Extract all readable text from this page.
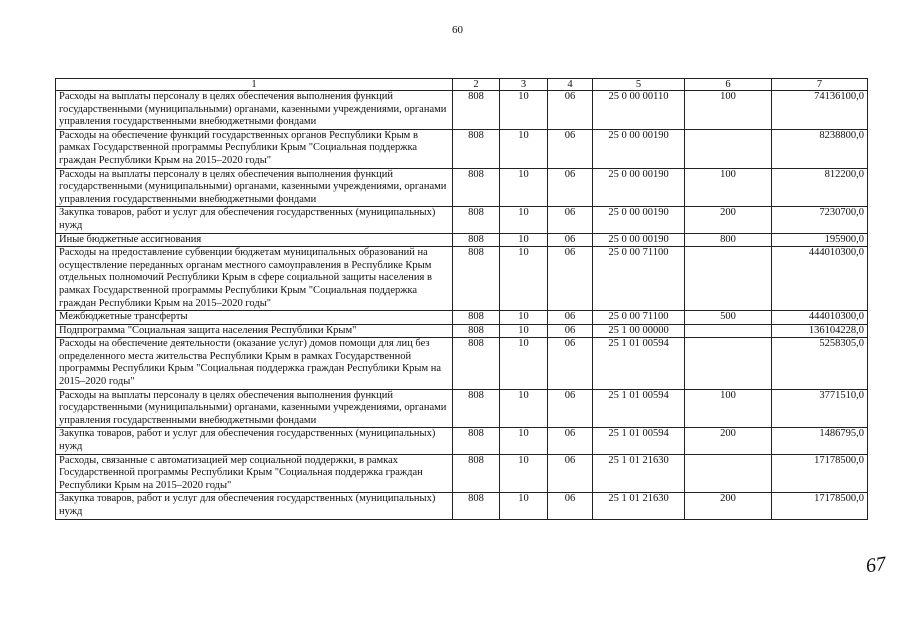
60
1	2	3	4	5	6	7
Расходы на выплаты персоналу в целях обеспечения выполнения функций государственными (муниципальными) органами, казенными учреждениями, органами управления государственными внебюджетными фондами	808	10	06	25 0 00 00110	100	74136100,0
Расходы на обеспечение функций государственных органов Республики Крым в рамках Государственной программы Республики Крым "Социальная поддержка граждан Республики Крым на 2015–2020 годы"	808	10	06	25 0 00 00190		8238800,0
Расходы на выплаты персоналу в целях обеспечения выполнения функций государственными (муниципальными) органами, казенными учреждениями, органами управления государственными внебюджетными фондами	808	10	06	25 0 00 00190	100	812200,0
Закупка товаров, работ и услуг для обеспечения государственных (муниципальных) нужд	808	10	06	25 0 00 00190	200	7230700,0
Иные бюджетные ассигнования	808	10	06	25 0 00 00190	800	195900,0
Расходы на предоставление субвенции бюджетам муниципальных образований на осуществление переданных органам местного самоуправления в Республике Крым отдельных полномочий Республики Крым в сфере социальной защиты населения в рамках Государственной программы Республики Крым "Социальная поддержка граждан Республики Крым на 2015–2020 годы"	808	10	06	25 0 00 71100		444010300,0
Межбюджетные трансферты	808	10	06	25 0 00 71100	500	444010300,0
Подпрограмма "Социальная защита населения Республики Крым"	808	10	06	25 1 00 00000		136104228,0
Расходы на обеспечение деятельности (оказание услуг) домов помощи для лиц без определенного места жительства Республики Крым в рамках Государственной программы Республики Крым "Социальная поддержка граждан Республики Крым на 2015–2020 годы"	808	10	06	25 1 01 00594		5258305,0
Расходы на выплаты персоналу в целях обеспечения выполнения функций государственными (муниципальными) органами, казенными учреждениями, органами управления государственными внебюджетными фондами	808	10	06	25 1 01 00594	100	3771510,0
Закупка товаров, работ и услуг для обеспечения государственных (муниципальных) нужд	808	10	06	25 1 01 00594	200	1486795,0
Расходы, связанные с автоматизацией мер социальной поддержки, в рамках Государственной программы Республики Крым "Социальная поддержка граждан Республики Крым на 2015–2020 годы"	808	10	06	25 1 01 21630		17178500,0
Закупка товаров, работ и услуг для обеспечения государственных (муниципальных) нужд	808	10	06	25 1 01 21630	200	17178500,0
67
